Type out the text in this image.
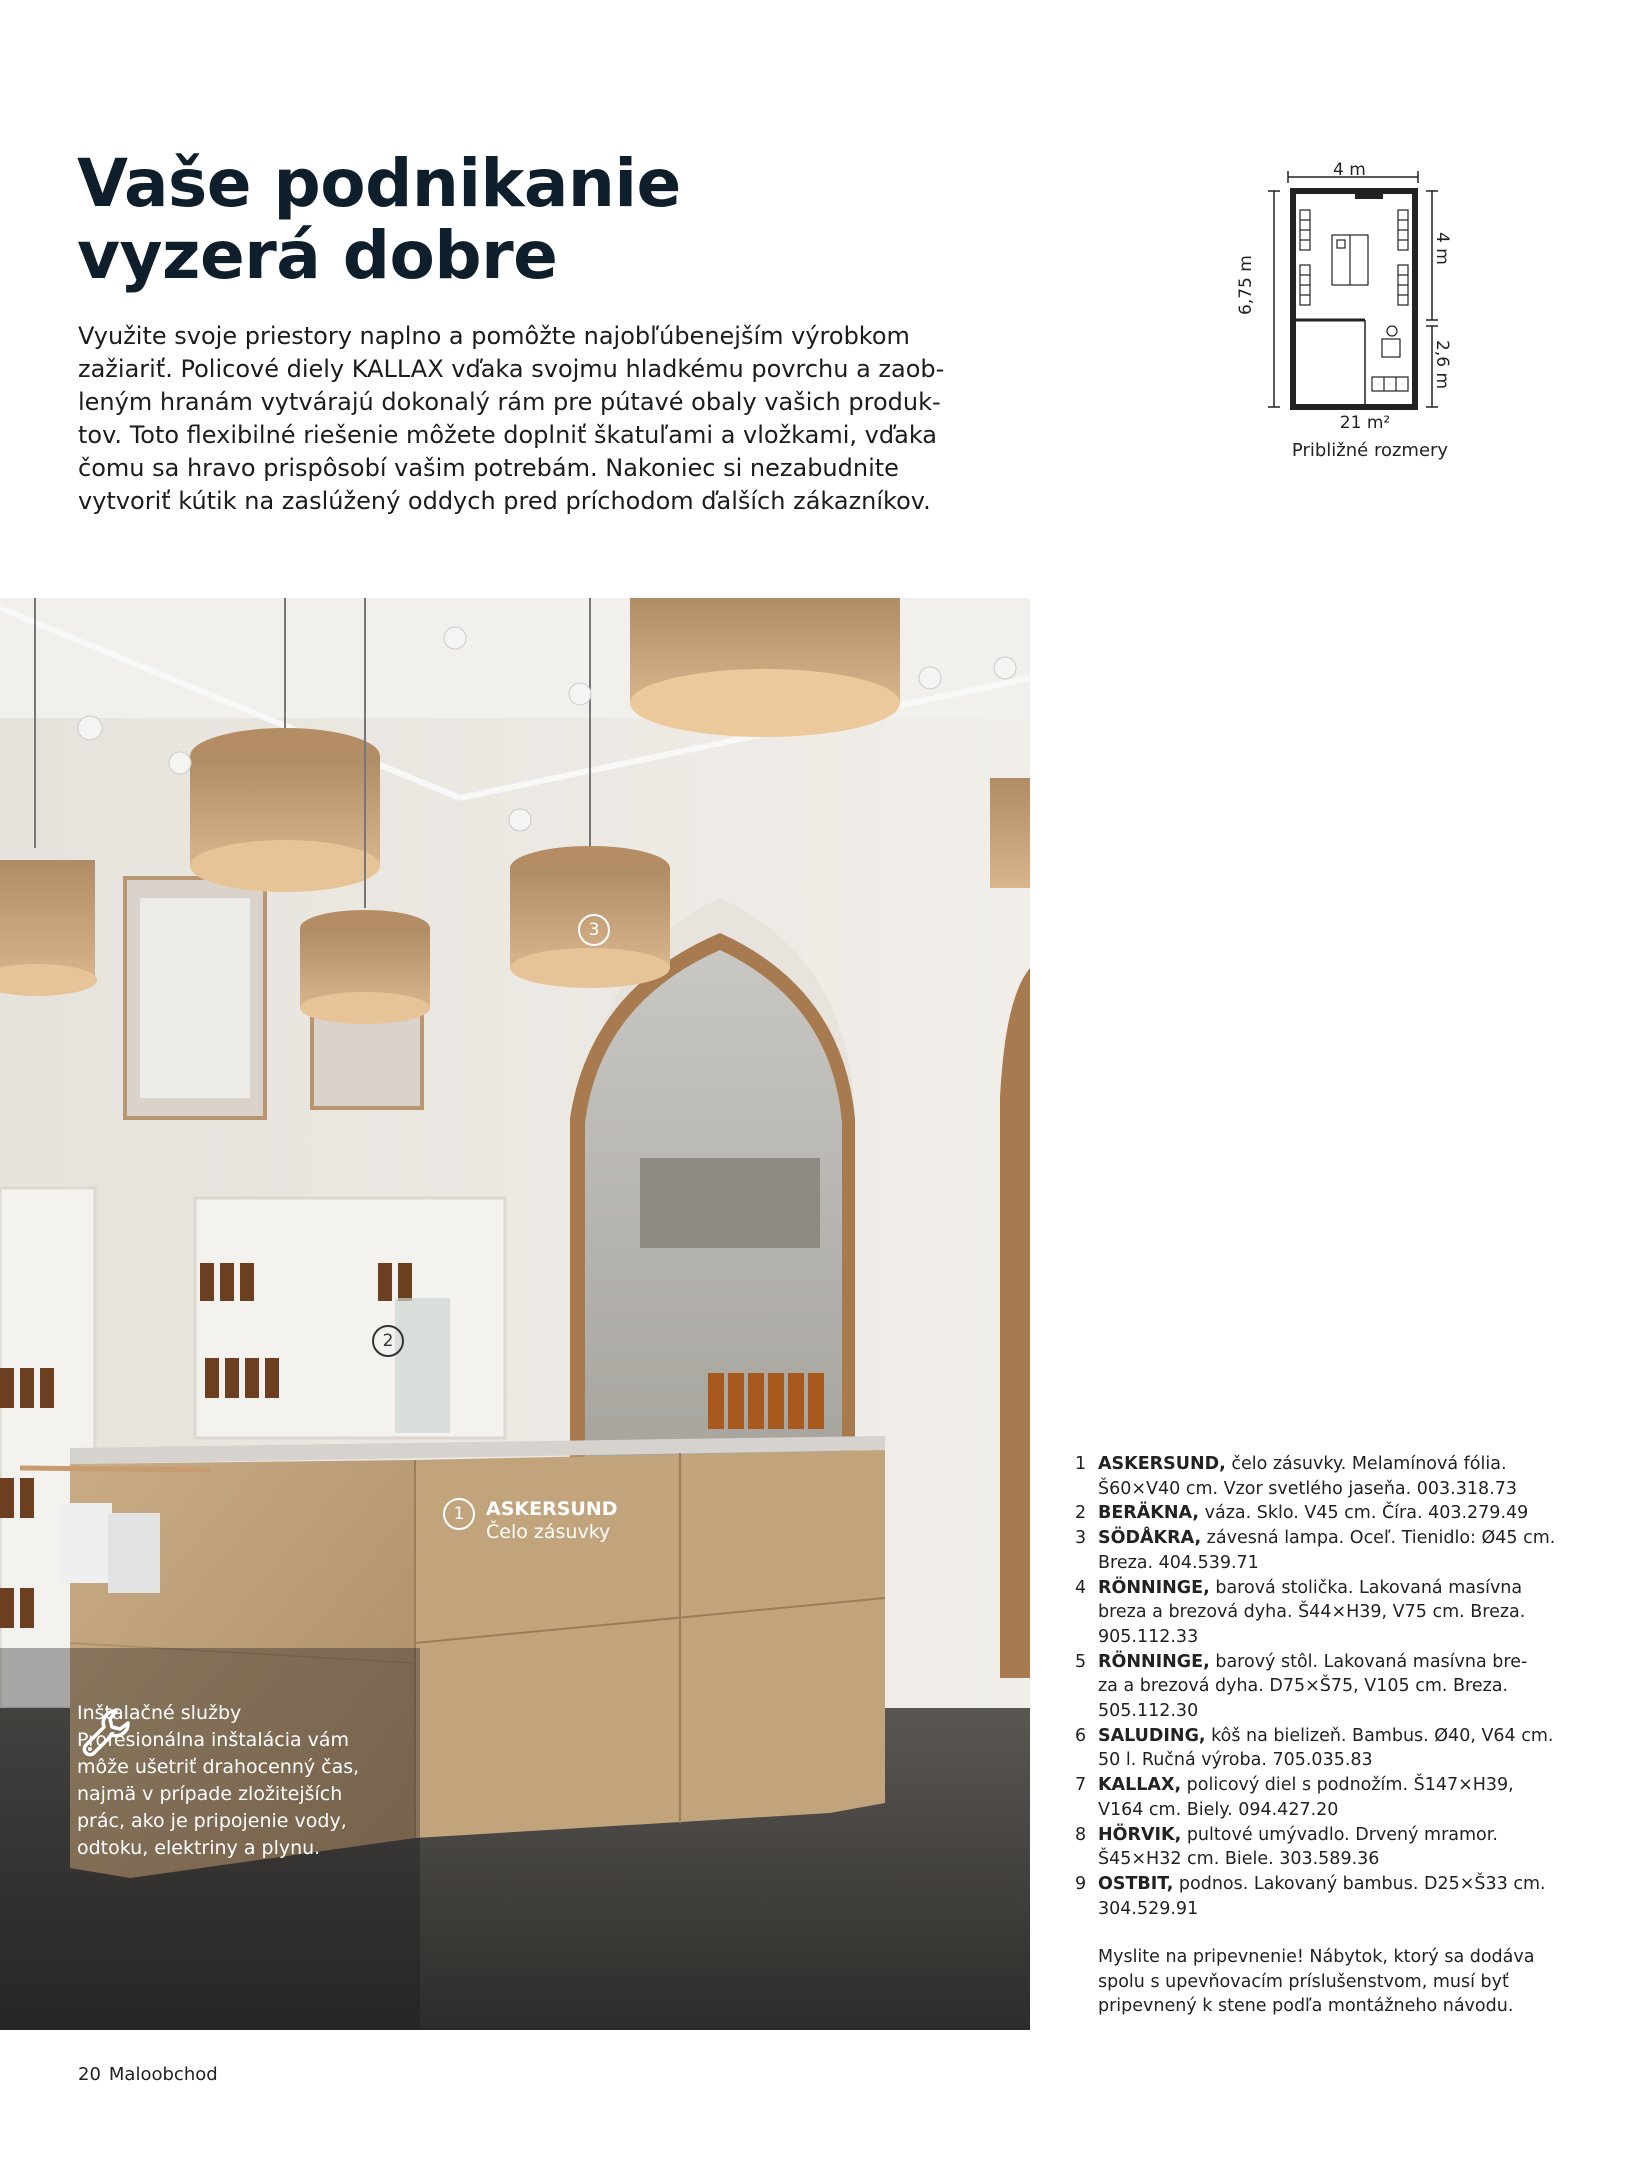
Vaše podnikanie
vyzerá dobre

Využite svoje priestory naplno a pomôžte najobľúbenejším výrobkom
zažiariť. Policové diely KALLAX vďaka svojmu hladkému povrchu a zaob-
leným hranám vytvárajú dokonalý rám pre pútavé obaly vašich produk-
tov. Toto flexibilné riešenie môžete doplniť škatuľami a vložkami, vďaka
čomu sa hravo prispôsobí vašim potrebám. Nakoniec si nezabudnite
vytvoriť kútik na zaslúžený oddych pred príchodom ďalších zákazníkov.

4 m
6,75 m
4 m
2,6 m
21 m²
Približné rozmery
3
2
1	ASKERSUND
Čelo zásuvky
Inštalačné služby
Profesionálna inštalácia vám
môže ušetriť drahocenný čas,
najmä v prípade zložitejších
prác, ako je pripojenie vody,
odtoku, elektriny a plynu.
1 ASKERSUND, čelo zásuvky. Melamínová fólia.
Š60×V40 cm. Vzor svetlého jaseňa. 003.318.73
2 BERÄKNA, váza. Sklo. V45 cm. Číra. 403.279.49
3 SÖDÅKRA, závesná lampa. Oceľ. Tienidlo: Ø45 cm.
Breza. 404.539.71
4 RÖNNINGE, barová stolička. Lakovaná masívna
breza a brezová dyha. Š44×H39, V75 cm. Breza.
905.112.33
5 RÖNNINGE, barový stôl. Lakovaná masívna bre-
za a brezová dyha. D75×Š75, V105 cm. Breza.
505.112.30
6 SALUDING, kôš na bielizeň. Bambus. Ø40, V64 cm.
50 l. Ručná výroba. 705.035.83
7 KALLAX, policový diel s podnožím. Š147×H39,
V164 cm. Biely. 094.427.20
8 HÖRVIK, pultové umývadlo. Drvený mramor.
Š45×H32 cm. Biele. 303.589.36
9 OSTBIT, podnos. Lakovaný bambus. D25×Š33 cm.
304.529.91
Myslite na pripevnenie! Nábytok, ktorý sa dodáva
spolu s upevňovacím príslušenstvom, musí byť
pripevnený k stene podľa montážneho návodu.
20 Maloobchod
